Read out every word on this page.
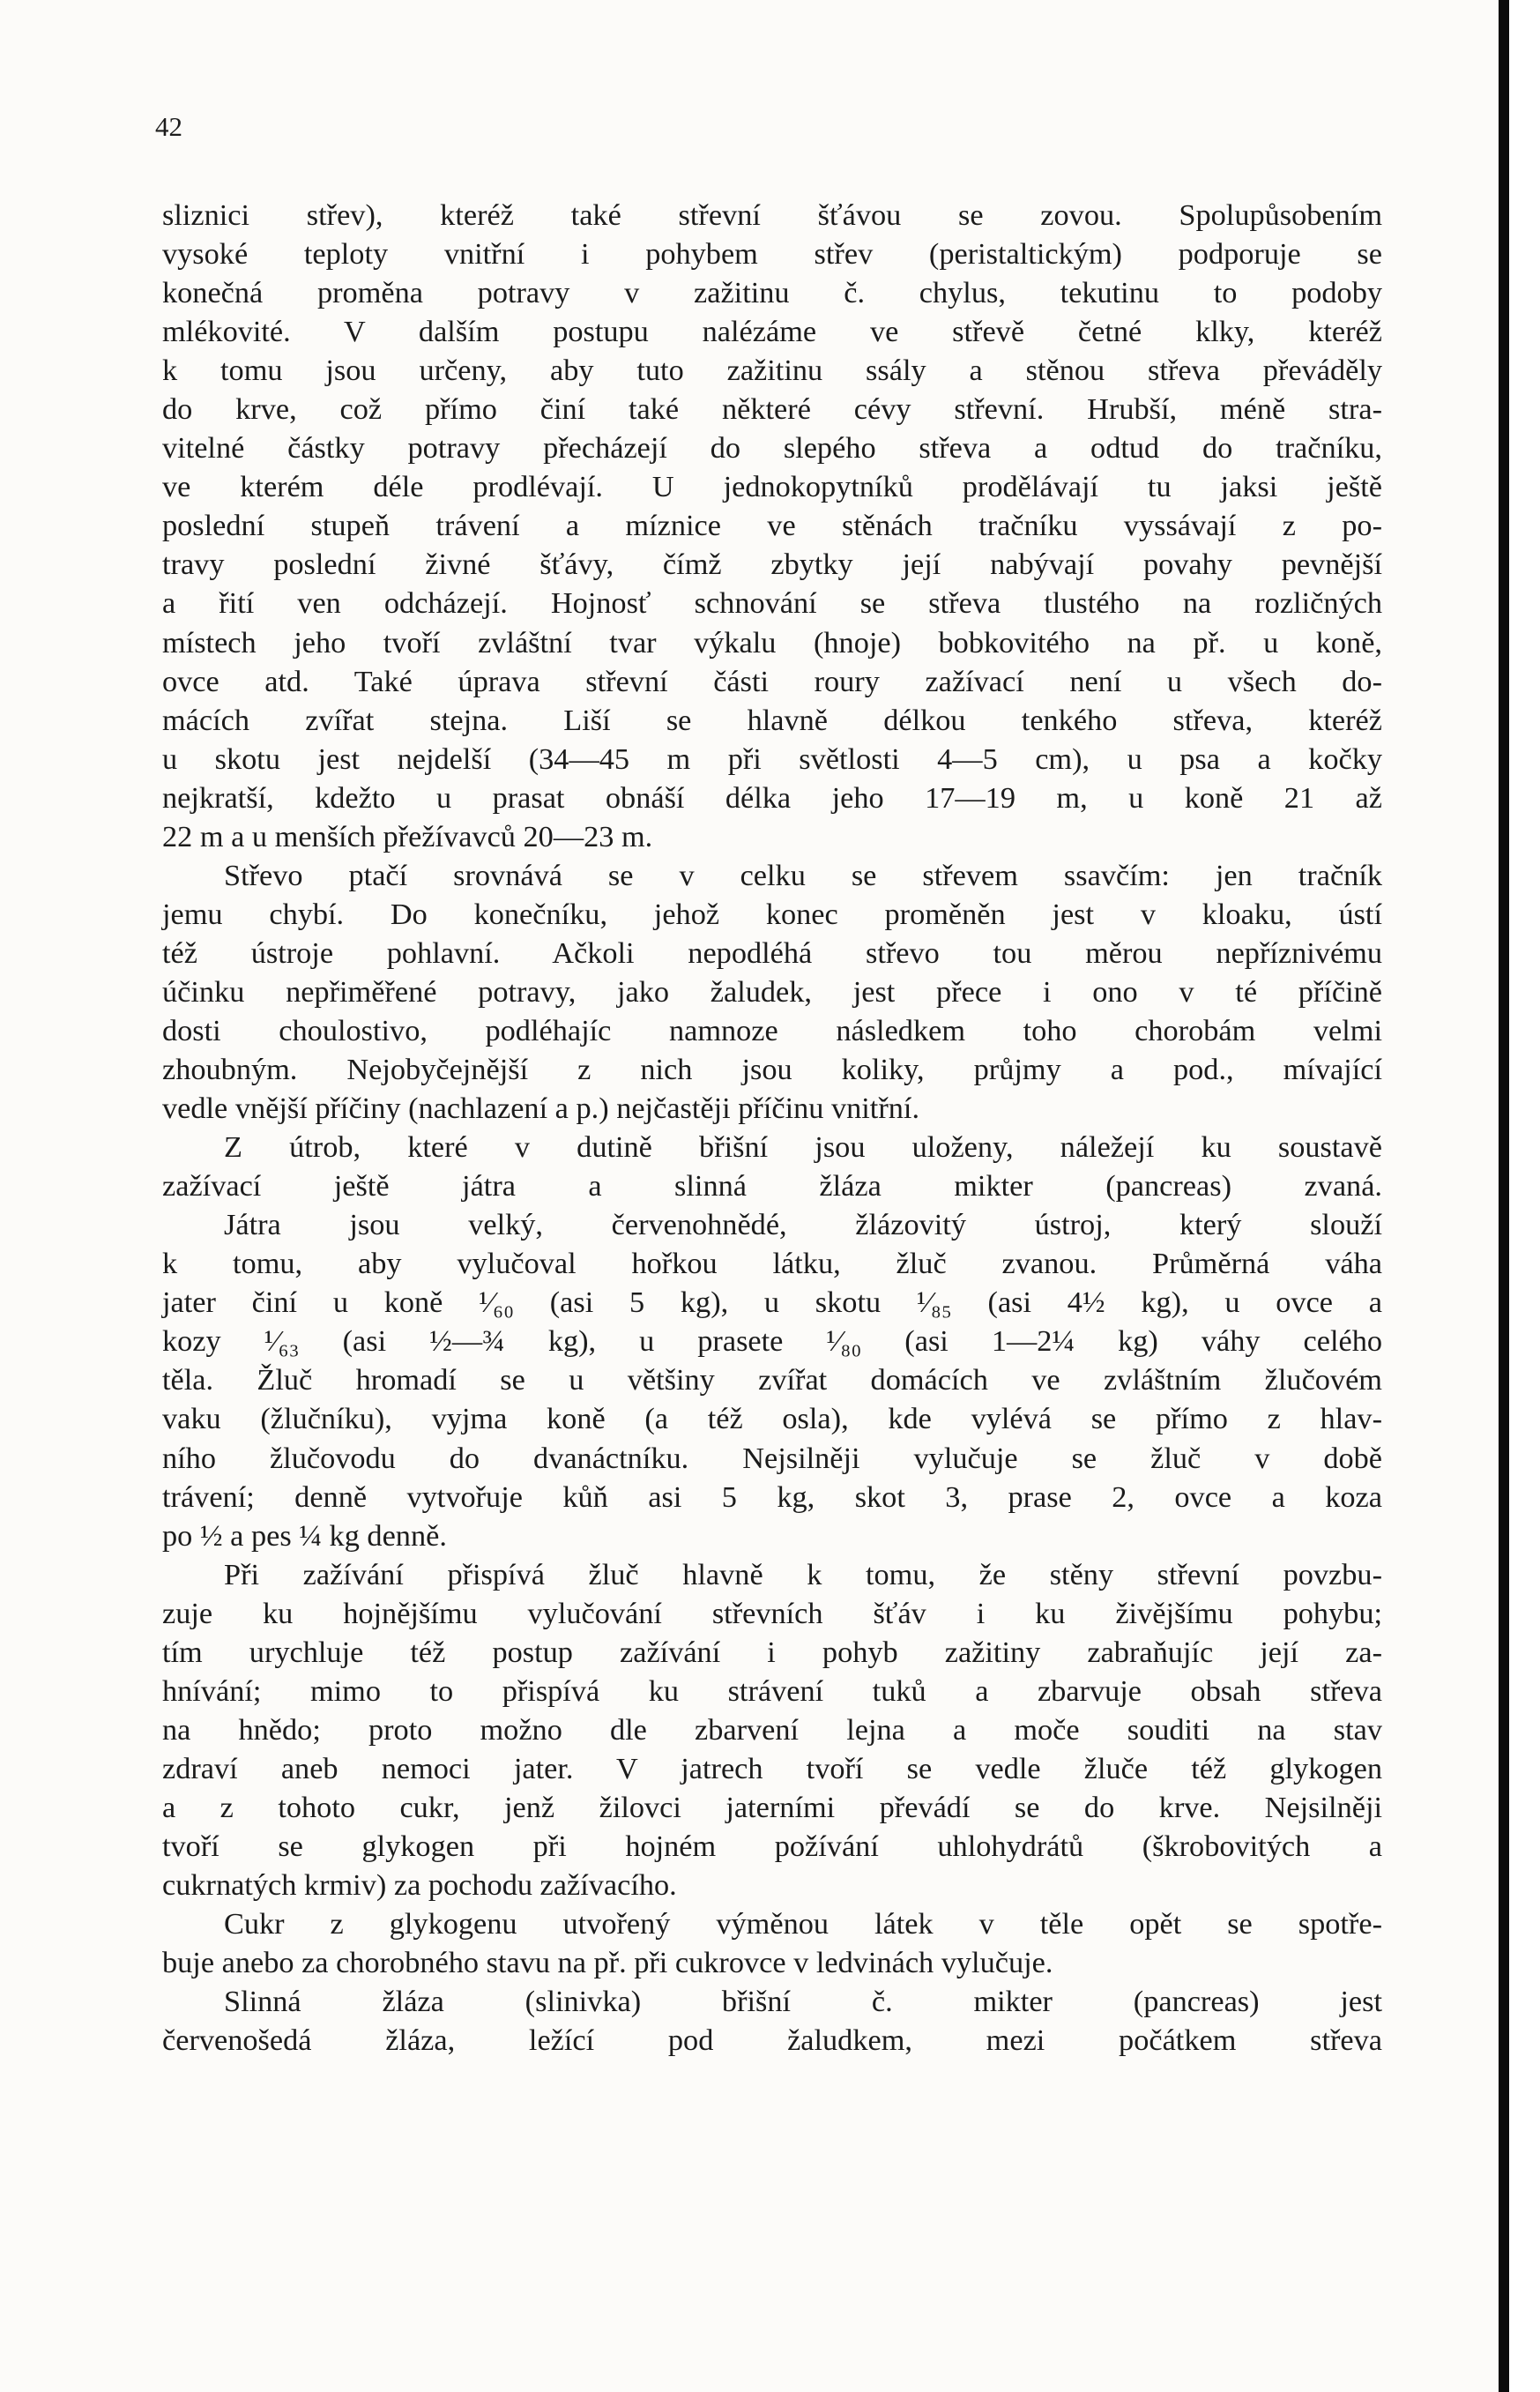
42
sliznici střev), kteréž také střevní šťávou se zovou. Spolupůsobením
vysoké teploty vnitřní i pohybem střev (peristaltickým) podporuje se
konečná proměna potravy v zažitinu č. chylus, tekutinu to podoby
mlékovité. V dalším postupu nalézáme ve střevě četné klky, kteréž
k tomu jsou určeny, aby tuto zažitinu ssály a stěnou střeva převáděly
do krve, což přímo činí také některé cévy střevní. Hrubší, méně stra-
vitelné částky potravy přecházejí do slepého střeva a odtud do tračníku,
ve kterém déle prodlévají. U jednokopytníků prodělávají tu jaksi ještě
poslední stupeň trávení a míznice ve stěnách tračníku vyssávají z po-
travy poslední živné šťávy, čímž zbytky její nabývají povahy pevnější
a řití ven odcházejí. Hojnosť schnování se střeva tlustého na rozličných
místech jeho tvoří zvláštní tvar výkalu (hnoje) bobkovitého na př. u koně,
ovce atd. Také úprava střevní části roury zažívací není u všech do-
mácích zvířat stejna. Liší se hlavně délkou tenkého střeva, kteréž
u skotu jest nejdelší (34—45 m při světlosti 4—5 cm), u psa a kočky
nejkratší, kdežto u prasat obnáší délka jeho 17—19 m, u koně 21 až
22 m a u menších přežívavců 20—23 m.
Střevo ptačí srovnává se v celku se střevem ssavčím: jen tračník
jemu chybí. Do konečníku, jehož konec proměněn jest v kloaku, ústí
též ústroje pohlavní. Ačkoli nepodléhá střevo tou měrou nepříznivému
účinku nepřiměřené potravy, jako žaludek, jest přece i ono v té příčině
dosti choulostivo, podléhajíc namnoze následkem toho chorobám velmi
zhoubným. Nejobyčejnější z nich jsou koliky, průjmy a pod., mívající
vedle vnější příčiny (nachlazení a p.) nejčastěji příčinu vnitřní.
Z útrob, které v dutině břišní jsou uloženy, náležejí ku soustavě
zažívací ještě játra a slinná žláza mikter (pancreas) zvaná.
Játra jsou velký, červenohnědé, žlázovitý ústroj, který slouží
k tomu, aby vylučoval hořkou látku, žluč zvanou. Průměrná váha
jater činí u koně ¹⁄₆₀ (asi 5 kg), u skotu ¹⁄₈₅ (asi 4½ kg), u ovce a
kozy ¹⁄₆₃ (asi ½—¾ kg), u prasete ¹⁄₈₀ (asi 1—2¼ kg) váhy celého
těla. Žluč hromadí se u většiny zvířat domácích ve zvláštním žlučovém
vaku (žlučníku), vyjma koně (a též osla), kde vylévá se přímo z hlav-
ního žlučovodu do dvanáctníku. Nejsilněji vylučuje se žluč v době
trávení; denně vytvořuje kůň asi 5 kg, skot 3, prase 2, ovce a koza
po ½ a pes ¼ kg denně.
Při zažívání přispívá žluč hlavně k tomu, že stěny střevní povzbu-
zuje ku hojnějšímu vylučování střevních šťáv i ku živějšímu pohybu;
tím urychluje též postup zažívání i pohyb zažitiny zabraňujíc její za-
hnívání; mimo to přispívá ku strávení tuků a zbarvuje obsah střeva
na hnědo; proto možno dle zbarvení lejna a moče souditi na stav
zdraví aneb nemoci jater. V jatrech tvoří se vedle žluče též glykogen
a z tohoto cukr, jenž žilovci jaterními převádí se do krve. Nejsilněji
tvoří se glykogen při hojném požívání uhlohydrátů (škrobovitých a
cukrnatých krmiv) za pochodu zažívacího.
Cukr z glykogenu utvořený výměnou látek v těle opět se spotře-
buje anebo za chorobného stavu na př. při cukrovce v ledvinách vylučuje.
Slinná žláza (slinivka) břišní č. mikter (pancreas) jest
červenošedá žláza, ležící pod žaludkem, mezi počátkem střeva
